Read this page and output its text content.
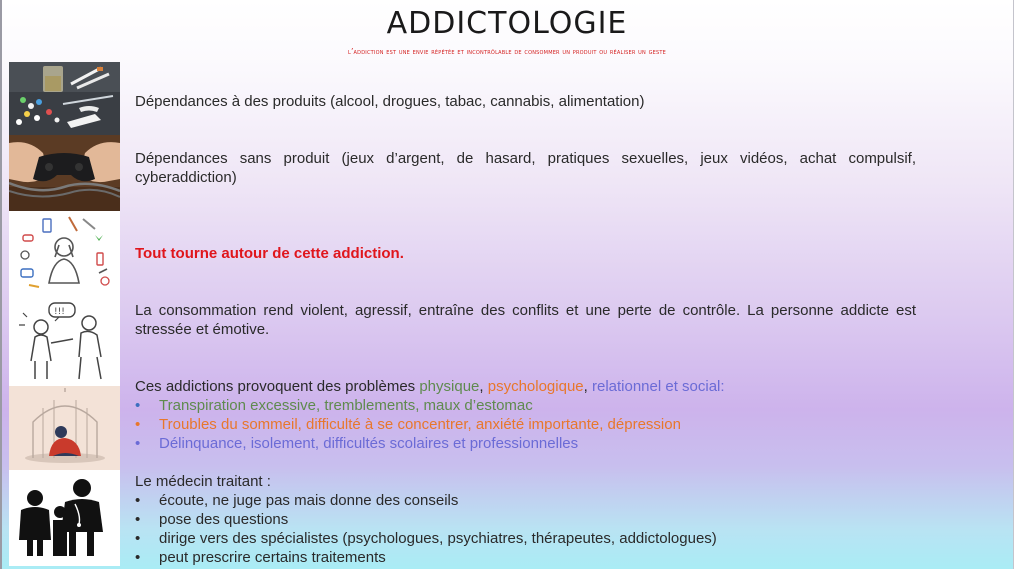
ADDICTOLOGIE
l’addiction est une envie répétée et incontrôlable de consommer un produit ou réaliser un geste
!!!
Dépendances à des produits (alcool, drogues, tabac, cannabis, alimentation)
Dépendances sans produit (jeux d’argent, de hasard, pratiques sexuelles, jeux vidéos, achat compulsif, cyberaddiction)
Tout tourne autour de cette addiction.
La consommation rend violent, agressif, entraîne des conflits et une perte de contrôle. La personne addicte est stressée et émotive.
Ces addictions provoquent des problèmes physique, psychologique, relationnel et social:
• Transpiration excessive, tremblements, maux d’estomac
• Troubles du sommeil, difficulté à se concentrer, anxiété importante, dépression
• Délinquance, isolement, difficultés scolaires et professionnelles
Le médecin traitant :
• écoute, ne juge pas mais donne des conseils
• pose des questions
• dirige vers des spécialistes (psychologues, psychiatres, thérapeutes, addictologues)
• peut prescrire certains traitements
